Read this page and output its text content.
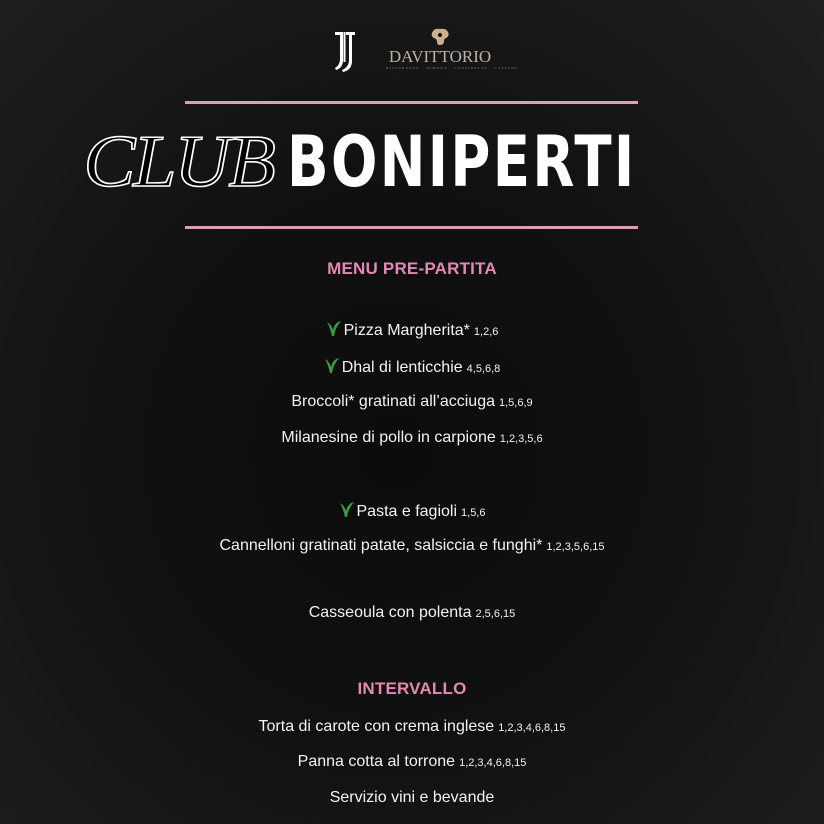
DAVITTORIO
RISTORANTE · DIMORA · CANTINETTE · CASCINE
CLUB BONIPERTI
MENU PRE-PARTITA
Pizza Margherita* 1,2,6
Dhal di lenticchie 4,5,6,8
Broccoli* gratinati all’acciuga 1,5,6,9
Milanesine di pollo in carpione 1,2,3,5,6
Pasta e fagioli 1,5,6
Cannelloni gratinati patate, salsiccia e funghi* 1,2,3,5,6,15
Casseoula con polenta 2,5,6,15
INTERVALLO
Torta di carote con crema inglese 1,2,3,4,6,8,15
Panna cotta al torrone 1,2,3,4,6,8,15
Servizio vini e bevande
